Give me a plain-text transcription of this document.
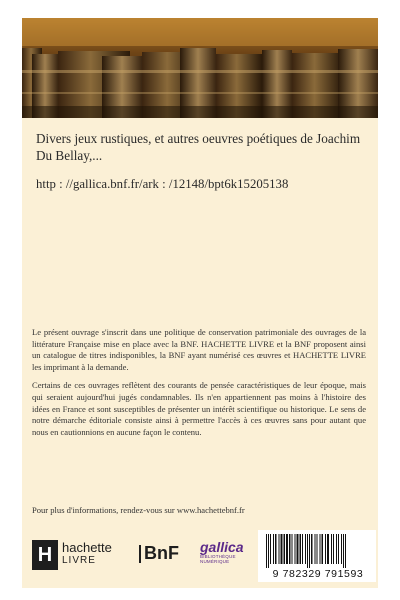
Divers jeux rustiques, et autres oeuvres poétiques de Joachim Du Bellay,...
http : //gallica.bnf.fr/ark : /12148/bpt6k15205138

Le présent ouvrage s'inscrit dans une politique de conservation patrimoniale des ouvrages de la littérature Française mise en place avec la BNF. HACHETTE LIVRE et la BNF proposent ainsi un catalogue de titres indisponibles, la BNF ayant numérisé ces œuvres et HACHETTE LIVRE les imprimant à la demande.

Certains de ces ouvrages reflètent des courants de pensée caractéristiques de leur époque, mais qui seraient aujourd'hui jugés condamnables. Ils n'en appartiennent pas moins à l'histoire des idées en France et sont susceptibles de présenter un intérêt scientifique ou historique. Le sens de notre démarche éditoriale consiste ainsi à permettre l'accès à ces œuvres sans pour autant que nous en cautionnions en aucune façon le contenu.

Pour plus d'informations, rendez-vous sur www.hachettebnf.fr
H hachette
LIVRE	BnF gallica
BIBLIOTHÈQUE NUMÉRIQUE
9 782329 791593
